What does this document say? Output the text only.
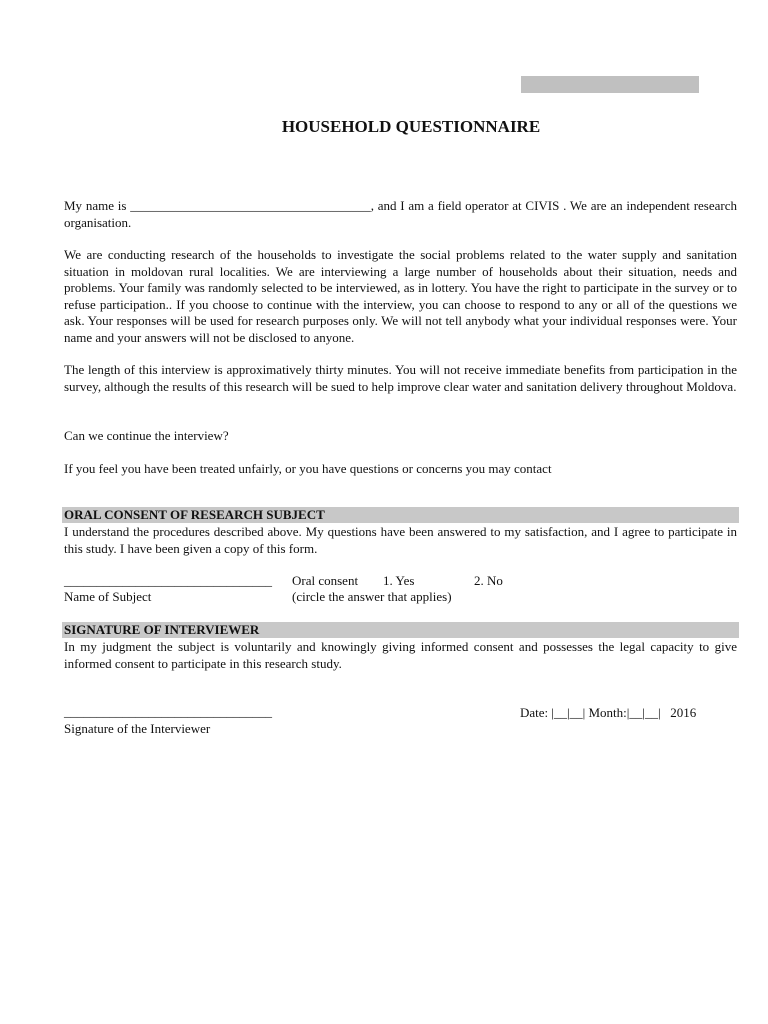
HOUSEHOLD QUESTIONNAIRE

My name is _____________________________________, and I am a field operator at CIVIS . We are an independent research organisation.

We are conducting research of the households to investigate the social problems related to the water supply and sanitation situation in moldovan rural localities. We are interviewing a large number of households about their situation, needs and problems. Your family was randomly selected to be interviewed, as in lottery. You have the right to participate in the survey or to refuse participation.. If you choose to continue with the interview, you can choose to respond to any or all of the questions we ask. Your responses will be used for research purposes only. We will not tell anybody what your individual responses were. Your name and your answers will not be disclosed to anyone.

The length of this interview is approximatively thirty minutes. You will not receive immediate benefits from participation in the survey, although the results of this research will be sued to help improve clear water and sanitation delivery throughout Moldova.

Can we continue the interview?

If you feel you have been treated unfairly, or you have questions or concerns you may contact

ORAL CONSENT OF RESEARCH SUBJECT

I understand the procedures described above. My questions have been answered to my satisfaction, and I agree to participate in this study. I have been given a copy of this form.

________________________________ Oral consent 1. Yes	2. No
Name of Subject	(circle the answer that applies)
SIGNATURE OF INTERVIEWER

In my judgment the subject is voluntarily and knowingly giving informed consent and possesses the legal capacity to give informed consent to participate in this research study.

________________________________	Date: |__|__| Month:|__|__|   2016
Signature of the Interviewer
